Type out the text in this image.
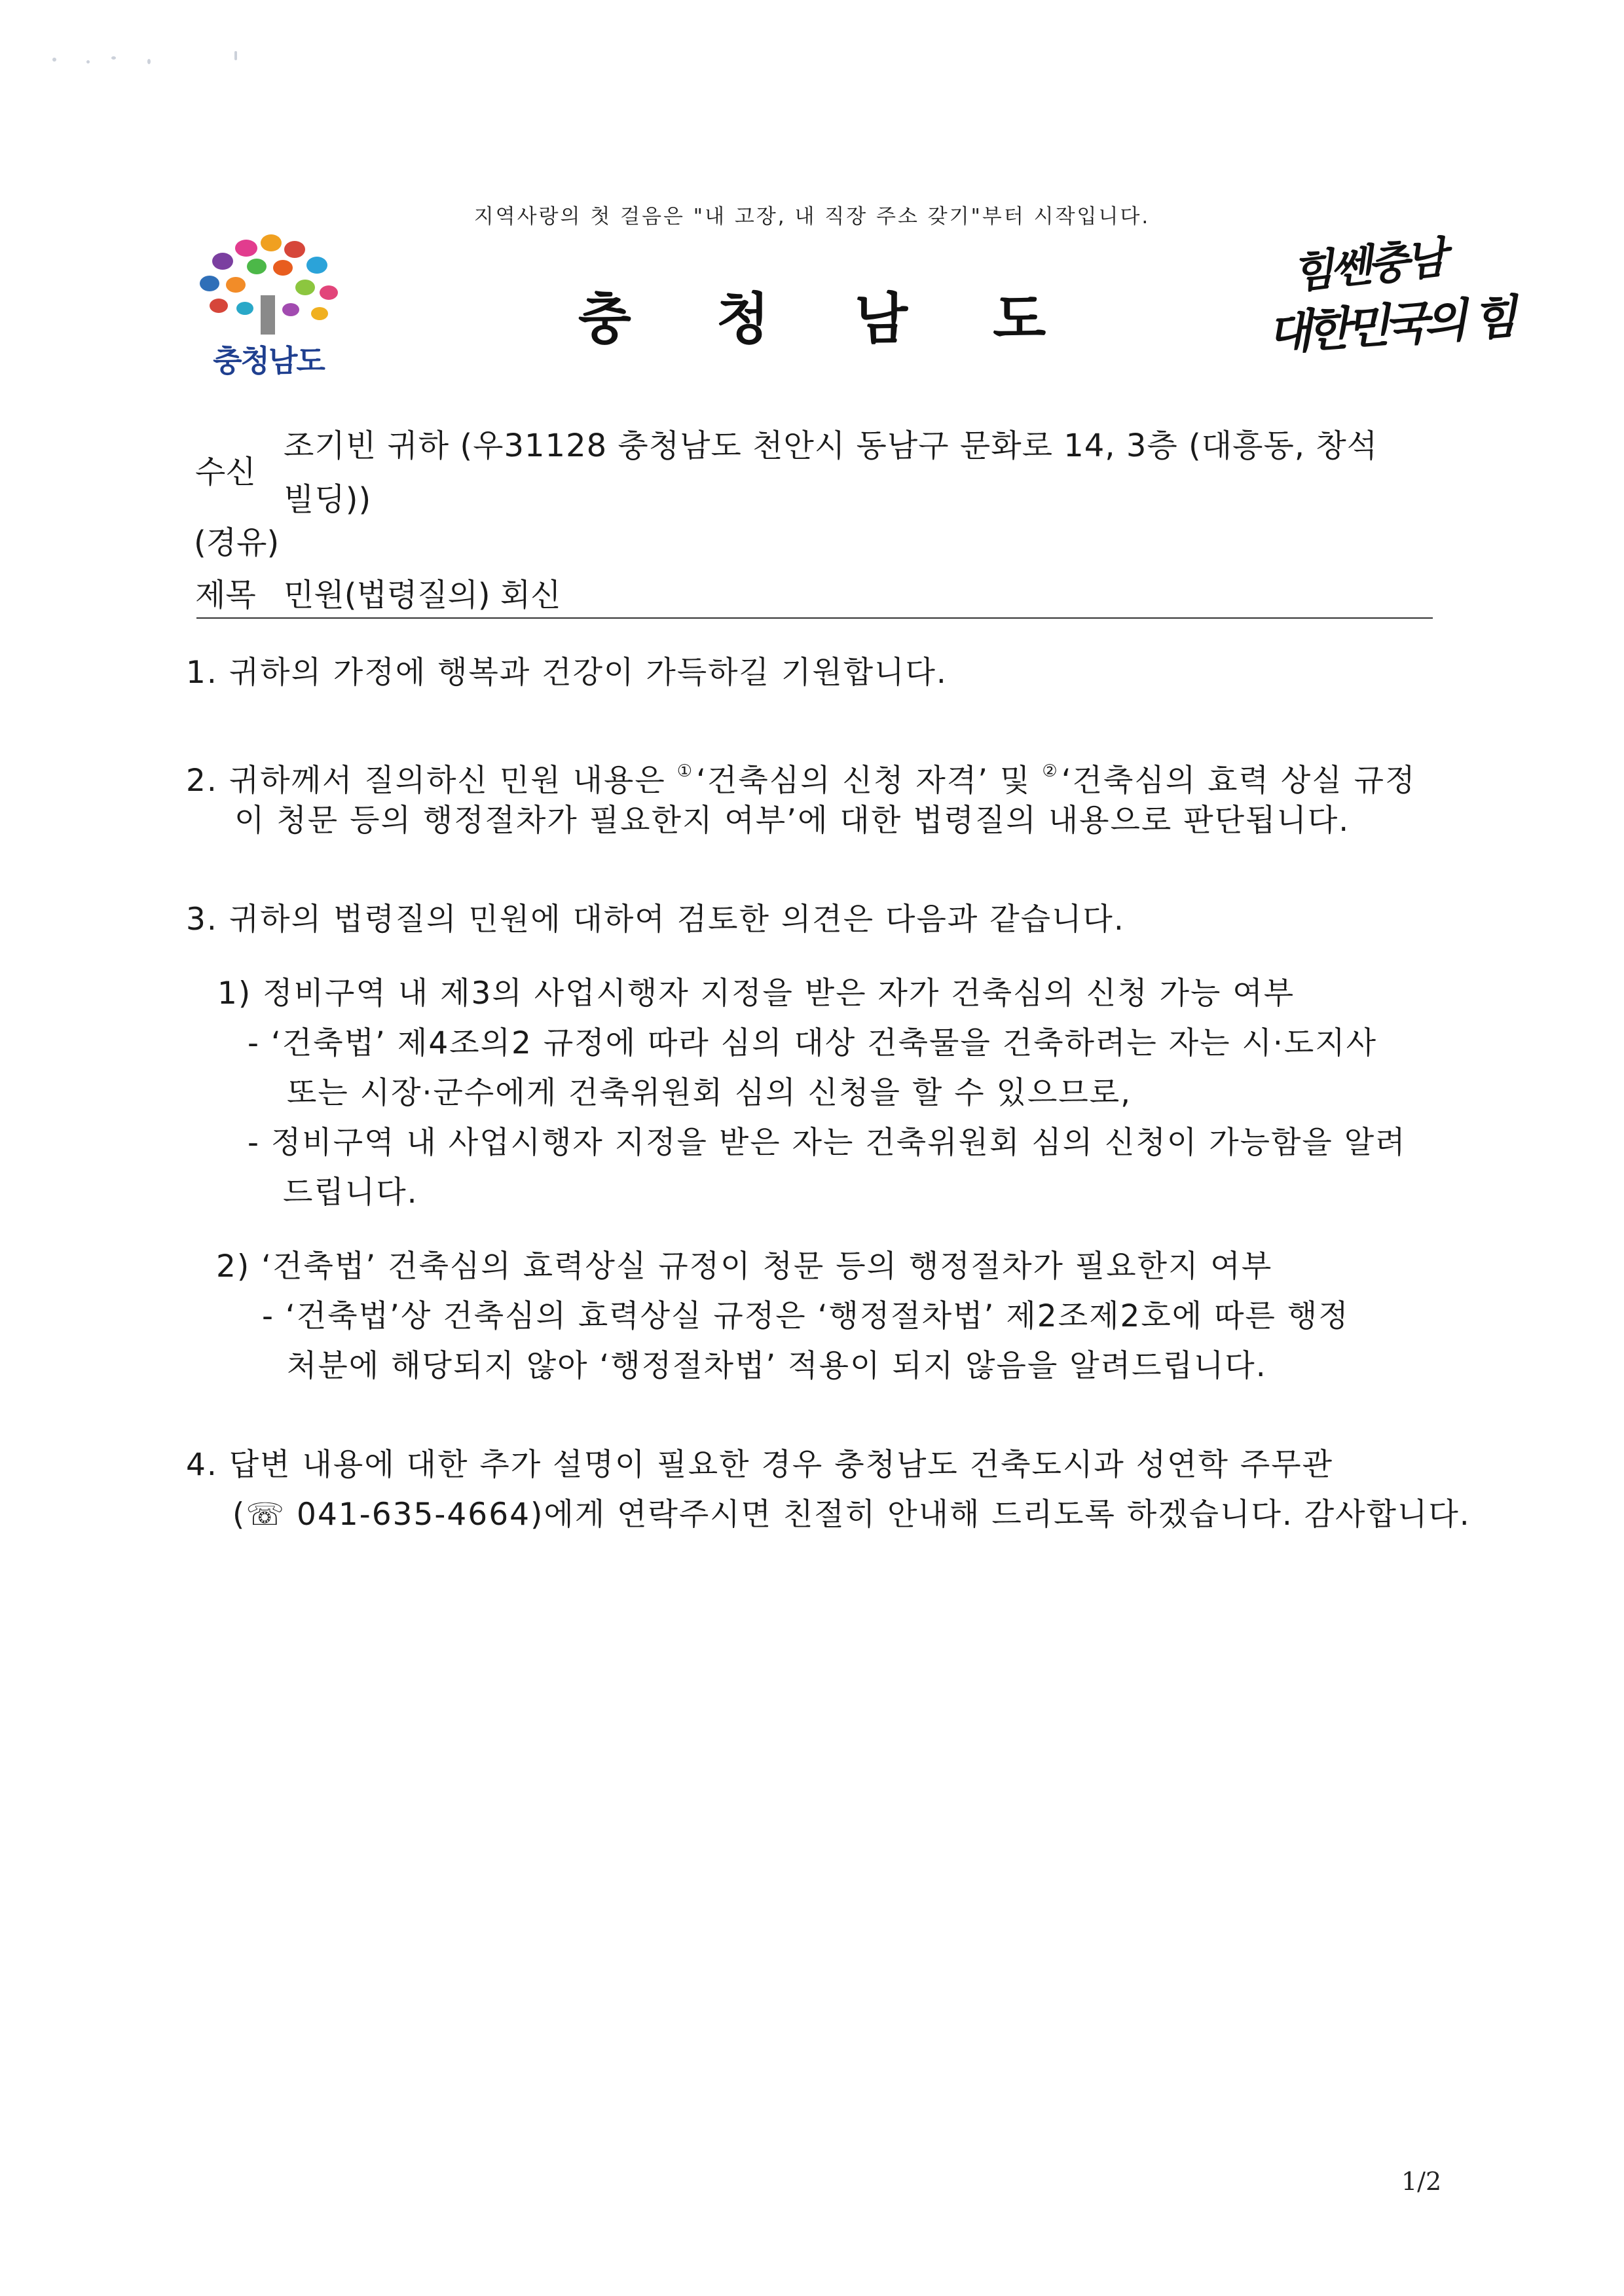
지역사랑의 첫 걸음은 "내 고장, 내 직장 주소 갖기"부터 시작입니다.
충청남도
충청남도
힘쎈충남
대한민국의 힘
수신
조기빈 귀하 (우31128 충청남도 천안시 동남구 문화로 14, 3층 (대흥동, 창석
빌딩))
(경유)
제목 민원(법령질의) 회신
1. 귀하의 가정에 행복과 건강이 가득하길 기원합니다.
2. 귀하께서 질의하신 민원 내용은 ①‘건축심의 신청 자격’ 및 ②‘건축심의 효력 상실 규정
이 청문 등의 행정절차가 필요한지 여부’에 대한 법령질의 내용으로 판단됩니다.
3. 귀하의 법령질의 민원에 대하여 검토한 의견은 다음과 같습니다.
1) 정비구역 내 제3의 사업시행자 지정을 받은 자가 건축심의 신청 가능 여부
- ‘건축법’ 제4조의2 규정에 따라 심의 대상 건축물을 건축하려는 자는 시·도지사
또는 시장·군수에게 건축위원회 심의 신청을 할 수 있으므로,
- 정비구역 내 사업시행자 지정을 받은 자는 건축위원회 심의 신청이 가능함을 알려
드립니다.
2) ‘건축법’ 건축심의 효력상실 규정이 청문 등의 행정절차가 필요한지 여부
- ‘건축법’상 건축심의 효력상실 규정은 ‘행정절차법’ 제2조제2호에 따른 행정
처분에 해당되지 않아 ‘행정절차법’ 적용이 되지 않음을 알려드립니다.
4. 답변 내용에 대한 추가 설명이 필요한 경우 충청남도 건축도시과 성연학 주무관
(☏ 041-635-4664)에게 연락주시면 친절히 안내해 드리도록 하겠습니다. 감사합니다.
1/2
